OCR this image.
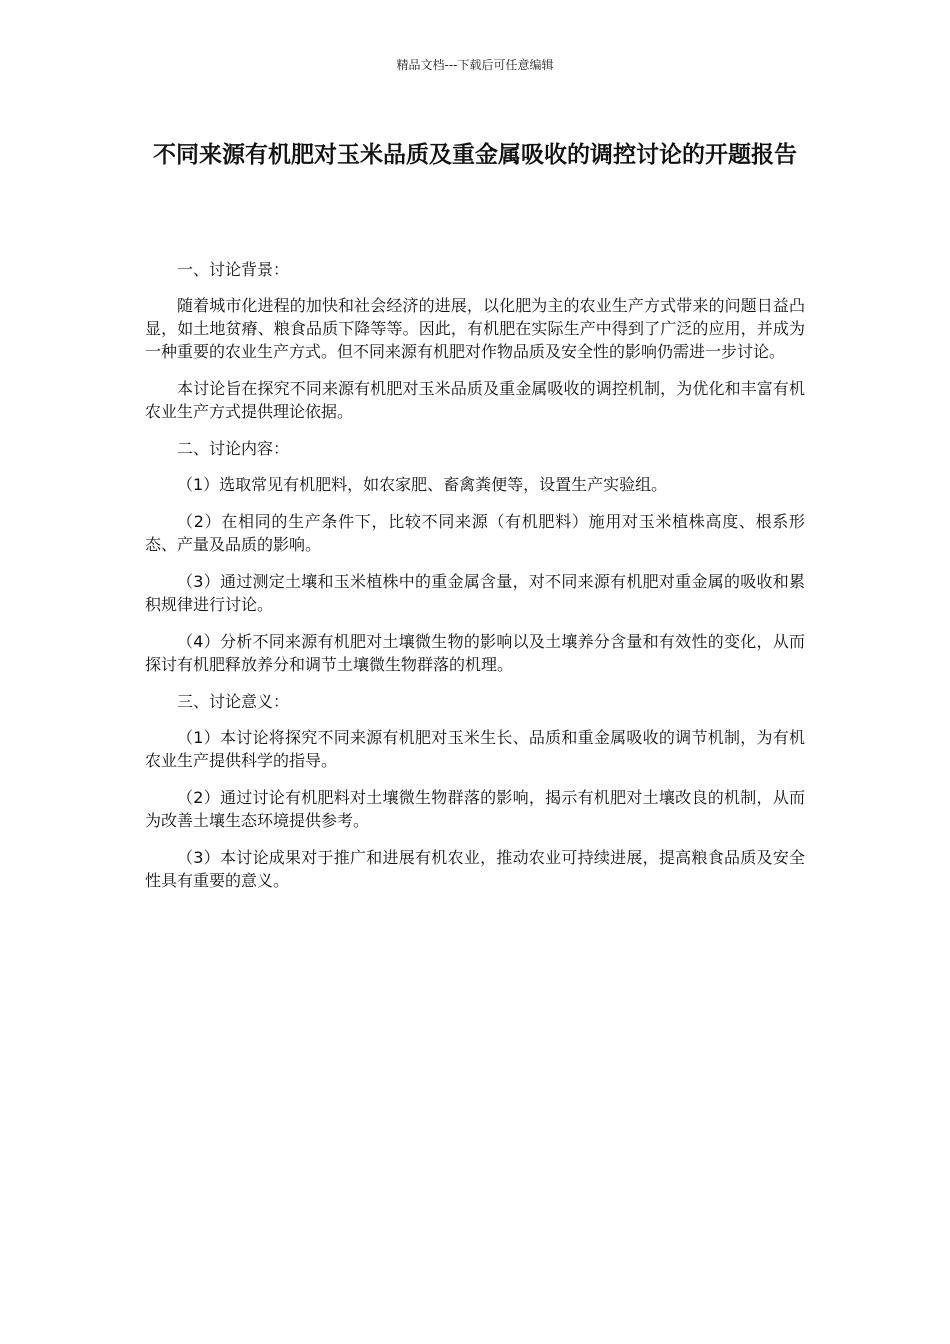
精品文档---下载后可任意编辑
不同来源有机肥对玉米品质及重金属吸收的调控讨论的开题报告

一、讨论背景：

随着城市化进程的加快和社会经济的进展，以化肥为主的农业生产方式带来的问题日益凸显，如土地贫瘠、粮食品质下降等等。因此，有机肥在实际生产中得到了广泛的应用，并成为一种重要的农业生产方式。但不同来源有机肥对作物品质及安全性的影响仍需进一步讨论。

本讨论旨在探究不同来源有机肥对玉米品质及重金属吸收的调控机制，为优化和丰富有机农业生产方式提供理论依据。

二、讨论内容：

（1）选取常见有机肥料，如农家肥、畜禽粪便等，设置生产实验组。

（2）在相同的生产条件下，比较不同来源（有机肥料）施用对玉米植株高度、根系形态、产量及品质的影响。

（3）通过测定土壤和玉米植株中的重金属含量，对不同来源有机肥对重金属的吸收和累积规律进行讨论。

（4）分析不同来源有机肥对土壤微生物的影响以及土壤养分含量和有效性的变化，从而探讨有机肥释放养分和调节土壤微生物群落的机理。

三、讨论意义：

（1）本讨论将探究不同来源有机肥对玉米生长、品质和重金属吸收的调节机制，为有机农业生产提供科学的指导。

（2）通过讨论有机肥料对土壤微生物群落的影响，揭示有机肥对土壤改良的机制，从而为改善土壤生态环境提供参考。

（3）本讨论成果对于推广和进展有机农业，推动农业可持续进展，提高粮食品质及安全性具有重要的意义。
